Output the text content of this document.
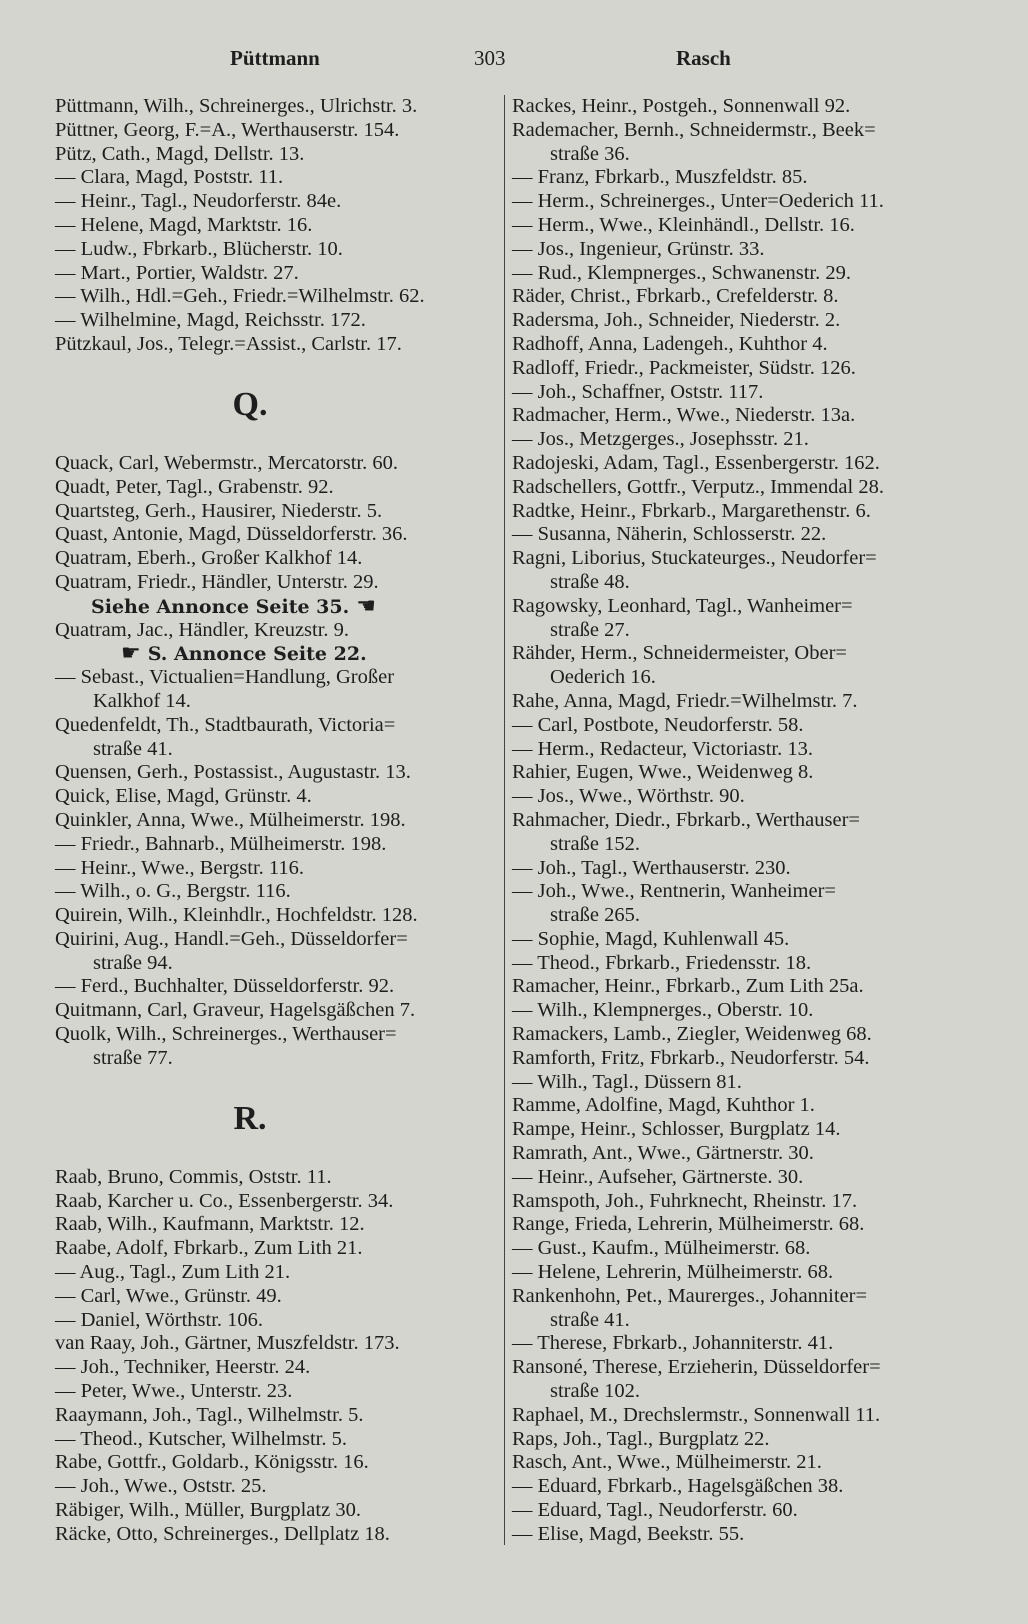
Püttmann	303	Rasch
Püttmann, Wilh., Schreinerges., Ulrichstr. 3.
Püttner, Georg, F.=A., Werthauserstr. 154.
Pütz, Cath., Magd, Dellstr. 13.
— Clara, Magd, Poststr. 11.
— Heinr., Tagl., Neudorferstr. 84e.
— Helene, Magd, Marktstr. 16.
— Ludw., Fbrkarb., Blücherstr. 10.
— Mart., Portier, Waldstr. 27.
— Wilh., Hdl.=Geh., Friedr.=Wilhelmstr. 62.
— Wilhelmine, Magd, Reichsstr. 172.
Pützkaul, Jos., Telegr.=Assist., Carlstr. 17.
Q.
Quack, Carl, Webermstr., Mercatorstr. 60.
Quadt, Peter, Tagl., Grabenstr. 92.
Quartsteg, Gerh., Hausirer, Niederstr. 5.
Quast, Antonie, Magd, Düsseldorferstr. 36.
Quatram, Eberh., Großer Kalkhof 14.
Quatram, Friedr., Händler, Unterstr. 29.
Siehe Annonce Seite 35. ☚
Quatram, Jac., Händler, Kreuzstr. 9.
☛ S. Annonce Seite 22.
— Sebast., Victualien=Handlung, Großer
Kalkhof 14.
Quedenfeldt, Th., Stadtbaurath, Victoria=
straße 41.
Quensen, Gerh., Postassist., Augustastr. 13.
Quick, Elise, Magd, Grünstr. 4.
Quinkler, Anna, Wwe., Mülheimerstr. 198.
— Friedr., Bahnarb., Mülheimerstr. 198.
— Heinr., Wwe., Bergstr. 116.
— Wilh., o. G., Bergstr. 116.
Quirein, Wilh., Kleinhdlr., Hochfeldstr. 128.
Quirini, Aug., Handl.=Geh., Düsseldorfer=
straße 94.
— Ferd., Buchhalter, Düsseldorferstr. 92.
Quitmann, Carl, Graveur, Hagelsgäßchen 7.
Quolk, Wilh., Schreinerges., Werthauser=
straße 77.
R.
Raab, Bruno, Commis, Oststr. 11.
Raab, Karcher u. Co., Essenbergerstr. 34.
Raab, Wilh., Kaufmann, Marktstr. 12.
Raabe, Adolf, Fbrkarb., Zum Lith 21.
— Aug., Tagl., Zum Lith 21.
— Carl, Wwe., Grünstr. 49.
— Daniel, Wörthstr. 106.
van Raay, Joh., Gärtner, Muszfeldstr. 173.
— Joh., Techniker, Heerstr. 24.
— Peter, Wwe., Unterstr. 23.
Raaymann, Joh., Tagl., Wilhelmstr. 5.
— Theod., Kutscher, Wilhelmstr. 5.
Rabe, Gottfr., Goldarb., Königsstr. 16.
— Joh., Wwe., Oststr. 25.
Räbiger, Wilh., Müller, Burgplatz 30.
Räcke, Otto, Schreinerges., Dellplatz 18.
Rackes, Heinr., Postgeh., Sonnenwall 92.
Rademacher, Bernh., Schneidermstr., Beek=
straße 36.
— Franz, Fbrkarb., Muszfeldstr. 85.
— Herm., Schreinerges., Unter=Oederich 11.
— Herm., Wwe., Kleinhändl., Dellstr. 16.
— Jos., Ingenieur, Grünstr. 33.
— Rud., Klempnerges., Schwanenstr. 29.
Räder, Christ., Fbrkarb., Crefelderstr. 8.
Radersma, Joh., Schneider, Niederstr. 2.
Radhoff, Anna, Ladengeh., Kuhthor 4.
Radloff, Friedr., Packmeister, Südstr. 126.
— Joh., Schaffner, Oststr. 117.
Radmacher, Herm., Wwe., Niederstr. 13a.
— Jos., Metzgerges., Josephsstr. 21.
Radojeski, Adam, Tagl., Essenbergerstr. 162.
Radschellers, Gottfr., Verputz., Immendal 28.
Radtke, Heinr., Fbrkarb., Margarethenstr. 6.
— Susanna, Näherin, Schlosserstr. 22.
Ragni, Liborius, Stuckateurges., Neudorfer=
straße 48.
Ragowsky, Leonhard, Tagl., Wanheimer=
straße 27.
Rähder, Herm., Schneidermeister, Ober=
Oederich 16.
Rahe, Anna, Magd, Friedr.=Wilhelmstr. 7.
— Carl, Postbote, Neudorferstr. 58.
— Herm., Redacteur, Victoriastr. 13.
Rahier, Eugen, Wwe., Weidenweg 8.
— Jos., Wwe., Wörthstr. 90.
Rahmacher, Diedr., Fbrkarb., Werthauser=
straße 152.
— Joh., Tagl., Werthauserstr. 230.
— Joh., Wwe., Rentnerin, Wanheimer=
straße 265.
— Sophie, Magd, Kuhlenwall 45.
— Theod., Fbrkarb., Friedensstr. 18.
Ramacher, Heinr., Fbrkarb., Zum Lith 25a.
— Wilh., Klempnerges., Oberstr. 10.
Ramackers, Lamb., Ziegler, Weidenweg 68.
Ramforth, Fritz, Fbrkarb., Neudorferstr. 54.
— Wilh., Tagl., Düssern 81.
Ramme, Adolfine, Magd, Kuhthor 1.
Rampe, Heinr., Schlosser, Burgplatz 14.
Ramrath, Ant., Wwe., Gärtnerstr. 30.
— Heinr., Aufseher, Gärtnerste. 30.
Ramspoth, Joh., Fuhrknecht, Rheinstr. 17.
Range, Frieda, Lehrerin, Mülheimerstr. 68.
— Gust., Kaufm., Mülheimerstr. 68.
— Helene, Lehrerin, Mülheimerstr. 68.
Rankenhohn, Pet., Maurerges., Johanniter=
straße 41.
— Therese, Fbrkarb., Johanniterstr. 41.
Ransoné, Therese, Erzieherin, Düsseldorfer=
straße 102.
Raphael, M., Drechslermstr., Sonnenwall 11.
Raps, Joh., Tagl., Burgplatz 22.
Rasch, Ant., Wwe., Mülheimerstr. 21.
— Eduard, Fbrkarb., Hagelsgäßchen 38.
— Eduard, Tagl., Neudorferstr. 60.
— Elise, Magd, Beekstr. 55.
